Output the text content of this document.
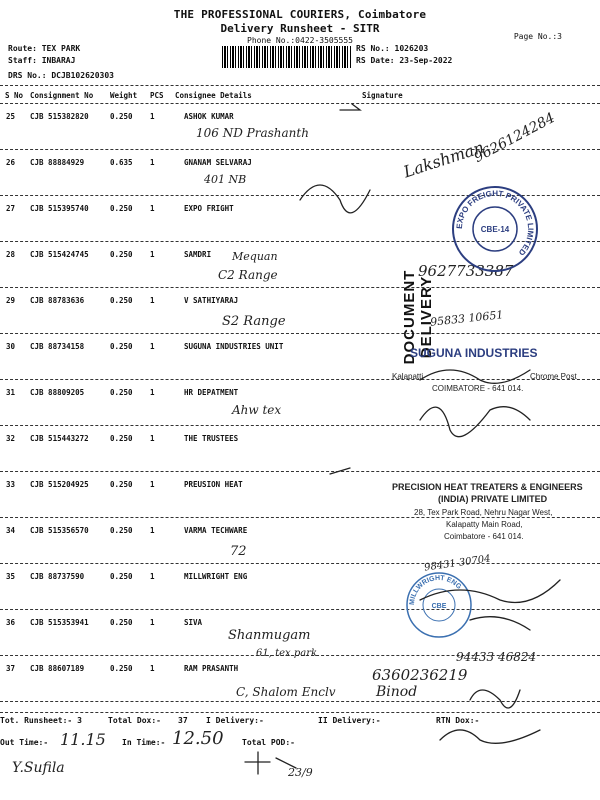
THE PROFESSIONAL COURIERS, Coimbatore
Delivery Runsheet - SITR
Phone No.:0422-3505555	Page No.:3
Route: TEX PARK
Staff: INBARAJ
DRS No.: DCJB102620303
RS No.: 1026203
RS Date: 23-Sep-2022
S No Consignment No Weight PCS Consignee Details	Signature
25 CJB 515382820	0.250 1	ASHOK KUMAR
26 CJB 88884929	0.635 1	GNANAM SELVARAJ
27 CJB 515395740	0.250 1	EXPO FRIGHT
28 CJB 515424745	0.250 1	SAMDRI
29 CJB 88783636	0.250 1	V SATHIYARAJ
30 CJB 88734158	0.250 1	SUGUNA INDUSTRIES UNIT
31 CJB 88809205	0.250 1	HR DEPATMENT
32 CJB 515443272	0.250 1	THE TRUSTEES
33 CJB 515204925	0.250 1	PREUSION HEAT
34 CJB 515356570	0.250 1	VARMA TECHWARE
35 CJB 88737590	0.250 1	MILLWRIGHT ENG
36 CJB 515353941	0.250 1	SIVA
37 CJB 88607189	0.250 1	RAM PRASANTH
DOCUMENT DELIVERY
106 ND Prashanth
401 NB
Mequan
C2 Range
S2 Range
Ahw tex
72
Shanmugam
61, tex park
C, Shalom Enclv
Lakshman
9626124284
9627733387
95833 10651
98431 30704
94433 46824
6360236219
Binod
EXPO FREIGHT PRIVATE LIMITED
CBE-14
SUGUNA INDUSTRIES
Kalapatti	Chrome Post
COIMBATORE - 641 014.
PRECISION HEAT TREATERS & ENGINEERS
(INDIA) PRIVATE LIMITED
28, Tex Park Road, Nehru Nagar West,
Kalapatty Main Road,
Coimbatore - 641 014.
MILLWRIGHT ENG
CBE
Tot. Runsheet:- 3	Total Dox:- 37 I Delivery:-	II Delivery:-	RTN Dox:-
Out Time:- 11.15 In Time:- 12.50 Total POD:-
Y.Sufila	23/9
